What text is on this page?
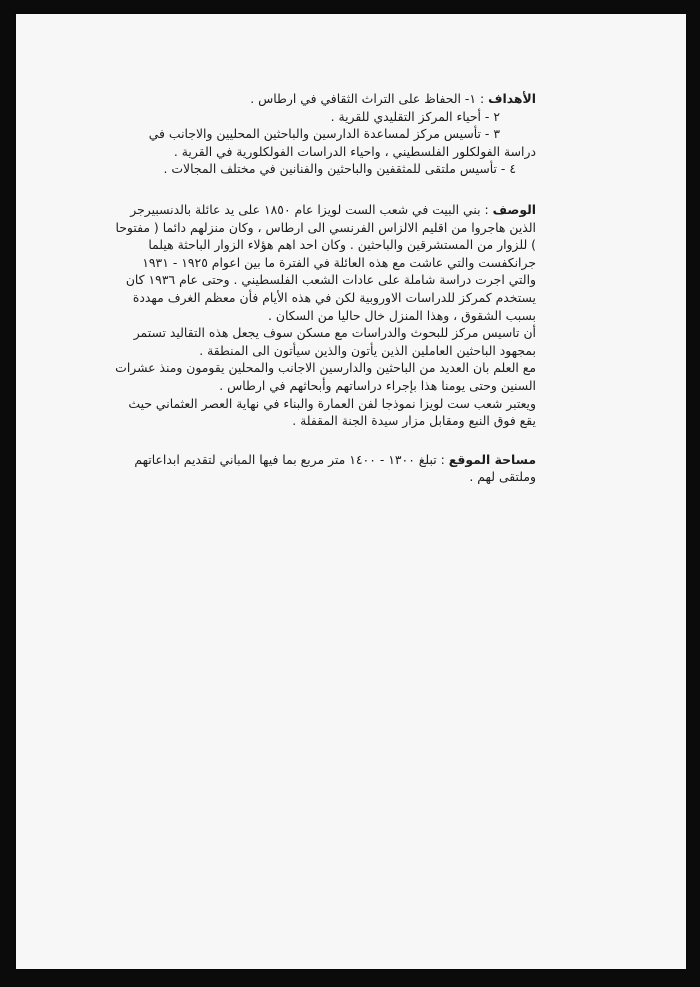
الأهداف : ١- الحفاظ على التراث الثقافي في ارطاس .
٢ - أحياء المركز التقليدي للقرية .
٣ - تأسيس مركز لمساعدة الدارسين والباحثين المحليين والاجانب في
دراسة الفولكلور الفلسطيني ، واحياء الدراسات الفولكلورية في القرية .
٤ - تأسيس ملتقى للمثقفين والباحثين والفنانين في مختلف المجالات .
الوصف : بني البيت في شعب الست لويزا عام ١٨٥٠ على يد عائلة بالدنسبيرجر
الذين هاجروا من اقليم الالزاس الفرنسي الى ارطاس ، وكان منزلهم دائما ( مفتوحا
) للزوار من المستشرقين والباحثين . وكان احد اهم هؤلاء الزوار الباحثة هيلما
جرانكفست والتي عاشت مع هذه العائلة في الفترة ما بين اعوام ١٩٢٥ - ١٩٣١
والتي اجرت دراسة شاملة على عادات الشعب الفلسطيني . وحتى عام ١٩٣٦ كان
يستخدم كمركز للدراسات الاوروبية لكن في هذه الأيام فأن معظم الغرف مهددة
بسبب الشقوق ، وهذا المنزل خال حاليا من السكان .
أن تاسيس مركز للبحوث والدراسات مع مسكن سوف يجعل هذه التقاليد تستمر
بمجهود الباحثين العاملين الذين يأتون والذين سيأتون الى المنطقة .
مع العلم بان العديد من الباحثين والدارسين الاجانب والمحلين يقومون ومنذ عشرات
السنين وحتى يومنا هذا بإجراء دراساتهم وأبحاثهم في ارطاس .
ويعتبر شعب ست لويزا نموذجا لفن العمارة والبناء في نهاية العصر العثماني حيث
يقع فوق النبع ومقابل مزار سيدة الجنة المقفلة .
مساحة الموقع : تبلغ ١٣٠٠ - ١٤٠٠ متر مربع بما فيها المباني لتقديم ابداعاتهم
وملتقى لهم .
